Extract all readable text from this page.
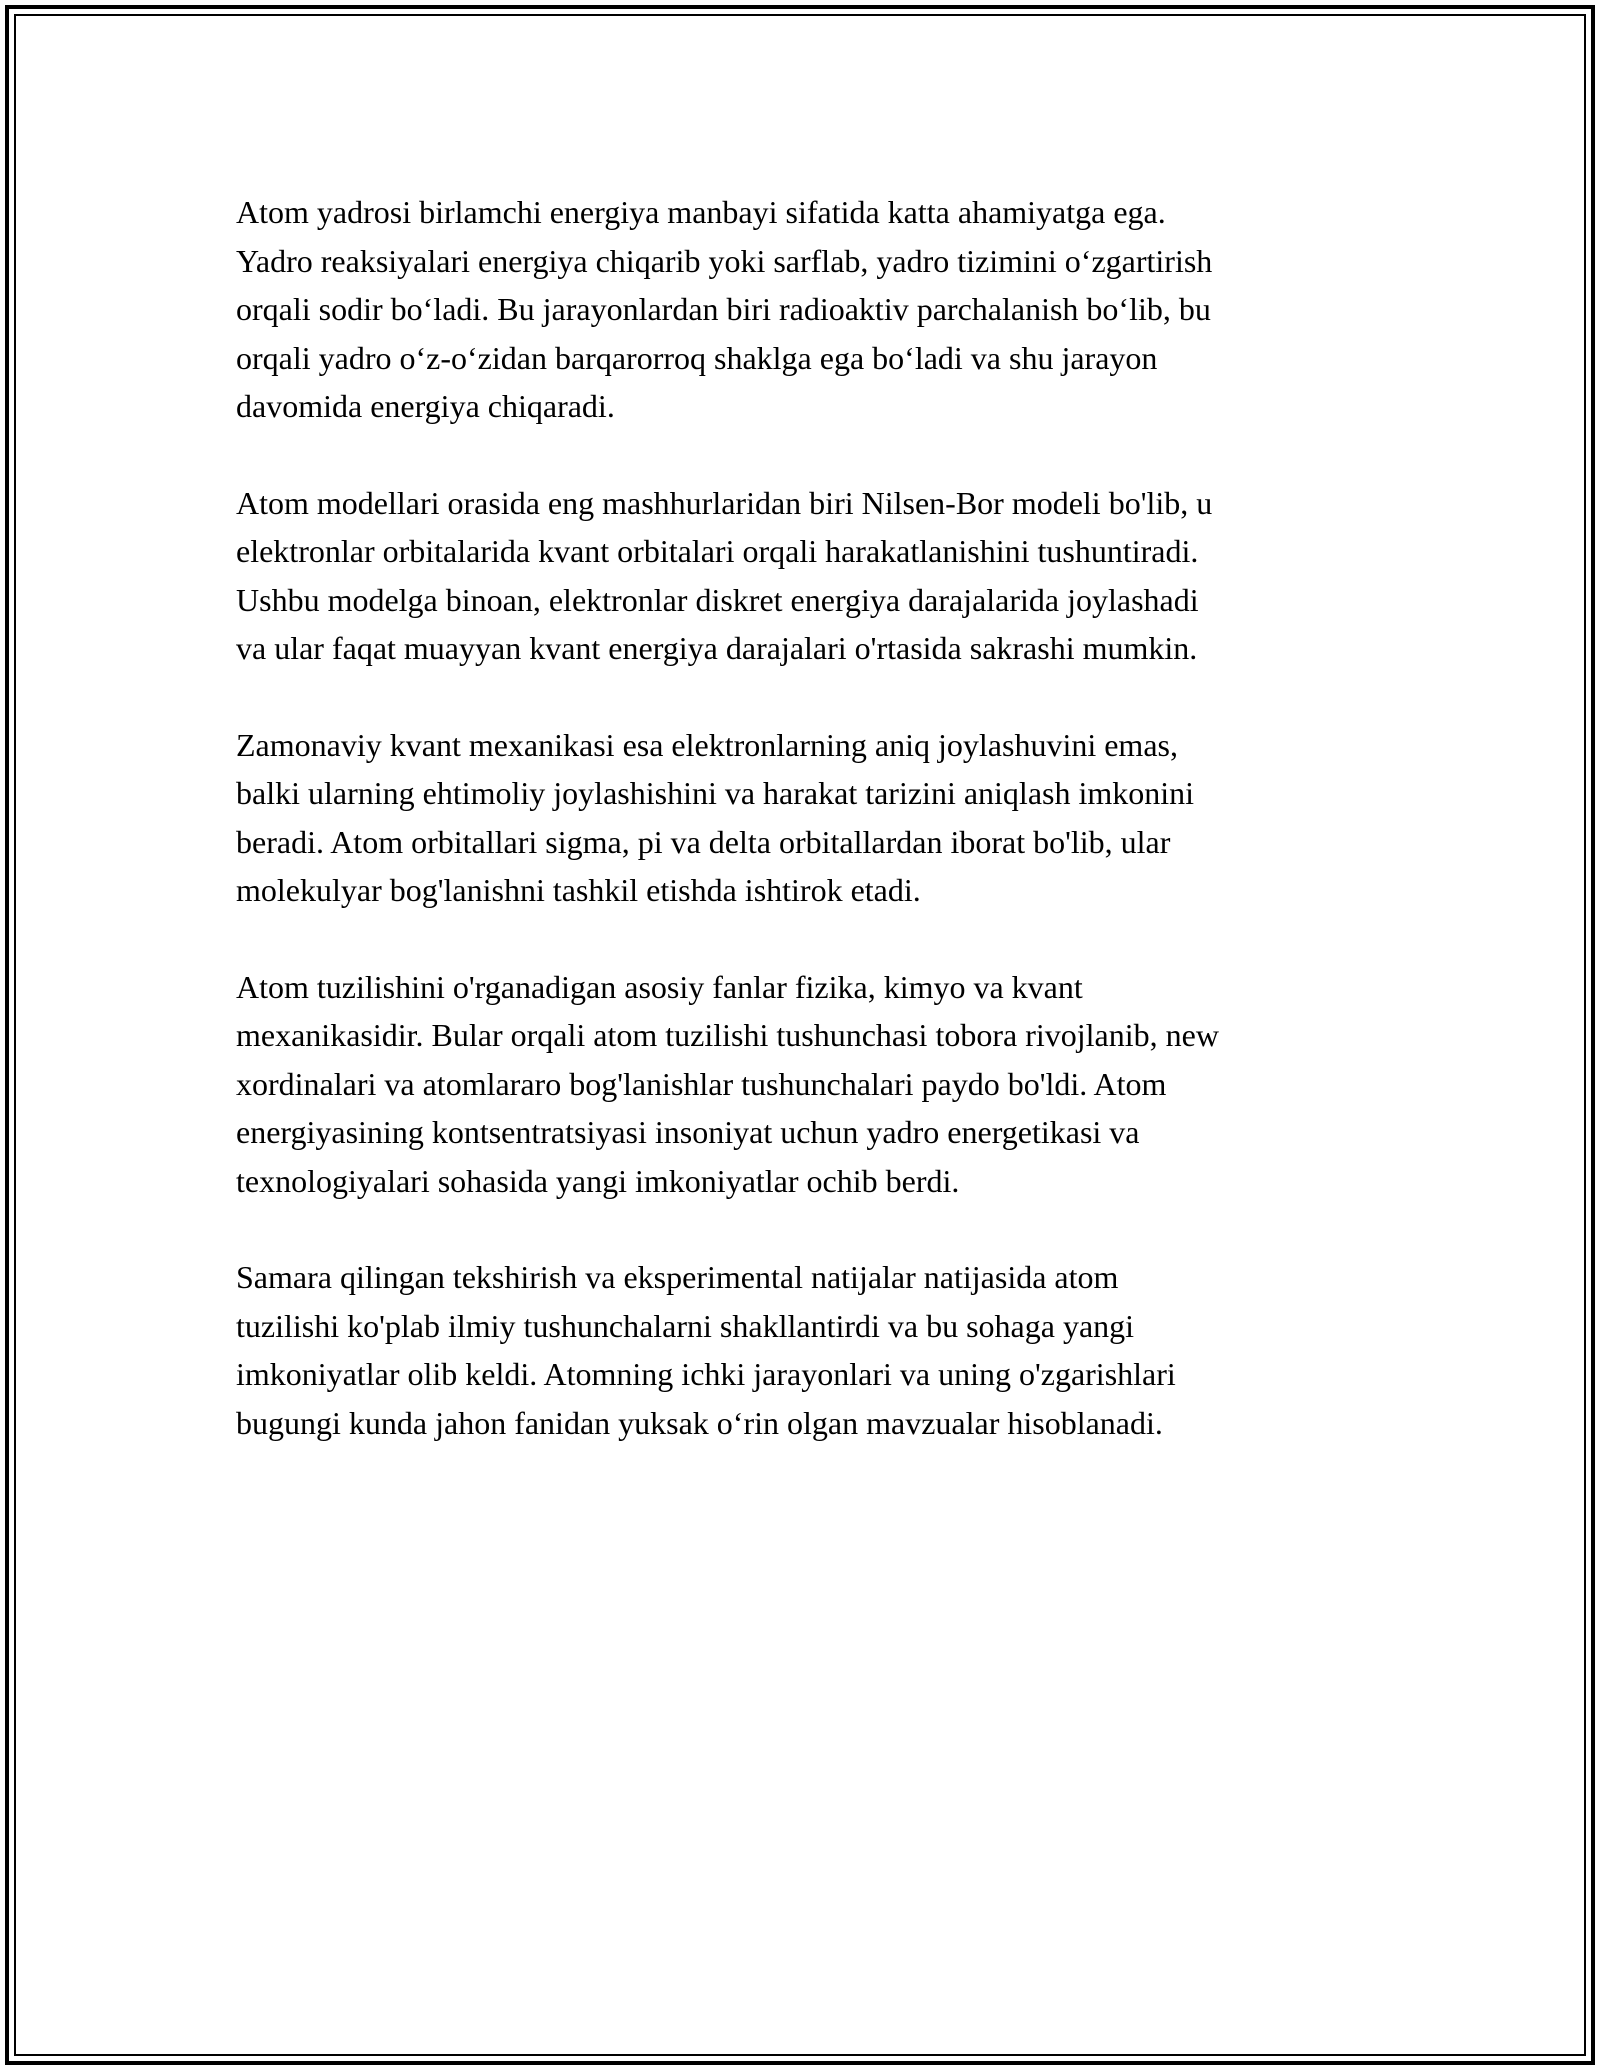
Atom yadrosi birlamchi energiya manbayi sifatida katta ahamiyatga ega.
Yadro reaksiyalari energiya chiqarib yoki sarflab, yadro tizimini o‘zgartirish
orqali sodir bo‘ladi. Bu jarayonlardan biri radioaktiv parchalanish bo‘lib, bu
orqali yadro o‘z-o‘zidan barqarorroq shaklga ega bo‘ladi va shu jarayon
davomida energiya chiqaradi.

Atom modellari orasida eng mashhurlaridan biri Nilsen-Bor modeli bo'lib, u
elektronlar orbitalarida kvant orbitalari orqali harakatlanishini tushuntiradi.
Ushbu modelga binoan, elektronlar diskret energiya darajalarida joylashadi
va ular faqat muayyan kvant energiya darajalari o'rtasida sakrashi mumkin.

Zamonaviy kvant mexanikasi esa elektronlarning aniq joylashuvini emas,
balki ularning ehtimoliy joylashishini va harakat tarizini aniqlash imkonini
beradi. Atom orbitallari sigma, pi va delta orbitallardan iborat bo'lib, ular
molekulyar bog'lanishni tashkil etishda ishtirok etadi.

Atom tuzilishini o'rganadigan asosiy fanlar fizika, kimyo va kvant
mexanikasidir. Bular orqali atom tuzilishi tushunchasi tobora rivojlanib, new
xordinalari va atomlararo bog'lanishlar tushunchalari paydo bo'ldi. Atom
energiyasining kontsentratsiyasi insoniyat uchun yadro energetikasi va
texnologiyalari sohasida yangi imkoniyatlar ochib berdi.

Samara qilingan tekshirish va eksperimental natijalar natijasida atom
tuzilishi ko'plab ilmiy tushunchalarni shakllantirdi va bu sohaga yangi
imkoniyatlar olib keldi. Atomning ichki jarayonlari va uning o'zgarishlari
bugungi kunda jahon fanidan yuksak o‘rin olgan mavzualar hisoblanadi.
